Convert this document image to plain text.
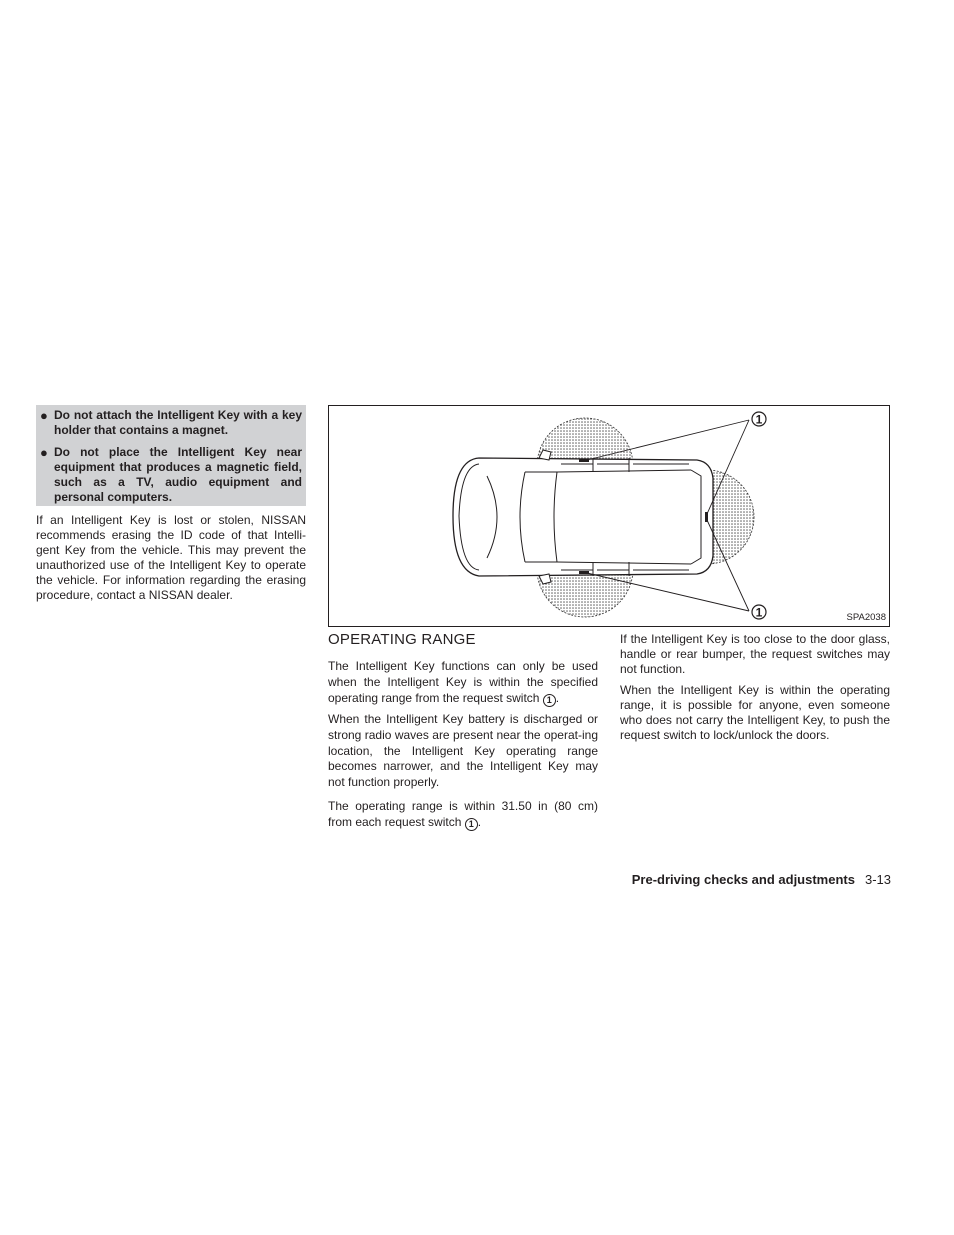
● Do not attach the Intelligent Key with a key holder that contains a magnet.
● Do not place the Intelligent Key near equipment that produces a magnetic field, such as a TV, audio equipment and personal computers.

If an Intelligent Key is lost or stolen, NISSAN recommends erasing the ID code of that Intelli-gent Key from the vehicle. This may prevent the unauthorized use of the Intelligent Key to operate the vehicle. For information regarding the erasing procedure, contact a NISSAN dealer.

1
1	SPA2038
OPERATING RANGE

The Intelligent Key functions can only be used when the Intelligent Key is within the specified operating range from the request switch 1 .

When the Intelligent Key battery is discharged or strong radio waves are present near the operat-ing location, the Intelligent Key operating range becomes narrower, and the Intelligent Key may not function properly.

The operating range is within 31.50 in (80 cm) from each request switch 1 .

If the Intelligent Key is too close to the door glass, handle or rear bumper, the request switches may not function.

When the Intelligent Key is within the operating range, it is possible for anyone, even someone who does not carry the Intelligent Key, to push the request switch to lock/unlock the doors.

Pre-driving checks and adjustments 3-13
